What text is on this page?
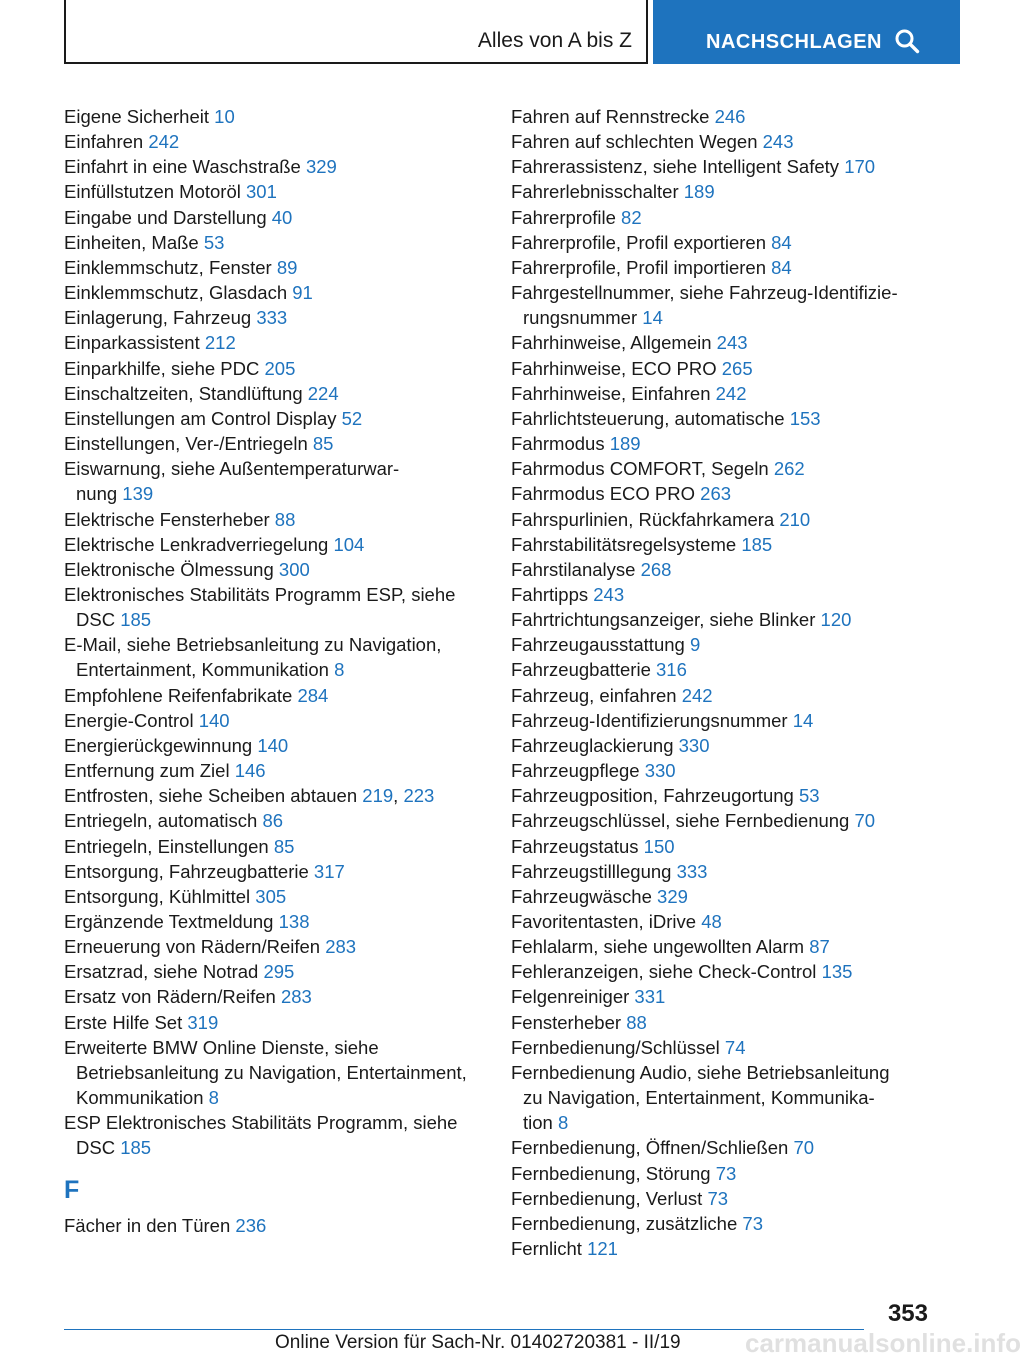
Alles von A bis Z	NACHSCHLAGEN
Eigene Sicherheit 10
Einfahren 242
Einfahrt in eine Waschstraße 329
Einfüllstutzen Motoröl 301
Eingabe und Darstellung 40
Einheiten, Maße 53
Einklemmschutz, Fenster 89
Einklemmschutz, Glasdach 91
Einlagerung, Fahrzeug 333
Einparkassistent 212
Einparkhilfe, siehe PDC 205
Einschaltzeiten, Standlüftung 224
Einstellungen am Control Display 52
Einstellungen, Ver-/Entriegeln 85
Eiswarnung, siehe Außentemperaturwar-
nung 139
Elektrische Fensterheber 88
Elektrische Lenkradverriegelung 104
Elektronische Ölmessung 300
Elektronisches Stabilitäts Programm ESP, siehe
DSC 185
E-Mail, siehe Betriebsanleitung zu Navigation,
Entertainment, Kommunikation 8
Empfohlene Reifenfabrikate 284
Energie-Control 140
Energierückgewinnung 140
Entfernung zum Ziel 146
Entfrosten, siehe Scheiben abtauen 219, 223
Entriegeln, automatisch 86
Entriegeln, Einstellungen 85
Entsorgung, Fahrzeugbatterie 317
Entsorgung, Kühlmittel 305
Ergänzende Textmeldung 138
Erneuerung von Rädern/Reifen 283
Ersatzrad, siehe Notrad 295
Ersatz von Rädern/Reifen 283
Erste Hilfe Set 319
Erweiterte BMW Online Dienste, siehe
Betriebsanleitung zu Navigation, Entertainment,
Kommunikation 8
ESP Elektronisches Stabilitäts Programm, siehe
DSC 185
F
Fächer in den Türen 236
Fahren auf Rennstrecke 246
Fahren auf schlechten Wegen 243
Fahrerassistenz, siehe Intelligent Safety 170
Fahrerlebnisschalter 189
Fahrerprofile 82
Fahrerprofile, Profil exportieren 84
Fahrerprofile, Profil importieren 84
Fahrgestellnummer, siehe Fahrzeug-Identifizie-
rungsnummer 14
Fahrhinweise, Allgemein 243
Fahrhinweise, ECO PRO 265
Fahrhinweise, Einfahren 242
Fahrlichtsteuerung, automatische 153
Fahrmodus 189
Fahrmodus COMFORT, Segeln 262
Fahrmodus ECO PRO 263
Fahrspurlinien, Rückfahrkamera 210
Fahrstabilitätsregelsysteme 185
Fahrstilanalyse 268
Fahrtipps 243
Fahrtrichtungsanzeiger, siehe Blinker 120
Fahrzeugausstattung 9
Fahrzeugbatterie 316
Fahrzeug, einfahren 242
Fahrzeug-Identifizierungsnummer 14
Fahrzeuglackierung 330
Fahrzeugpflege 330
Fahrzeugposition, Fahrzeugortung 53
Fahrzeugschlüssel, siehe Fernbedienung 70
Fahrzeugstatus 150
Fahrzeugstilllegung 333
Fahrzeugwäsche 329
Favoritentasten, iDrive 48
Fehlalarm, siehe ungewollten Alarm 87
Fehleranzeigen, siehe Check-Control 135
Felgenreiniger 331
Fensterheber 88
Fernbedienung/Schlüssel 74
Fernbedienung Audio, siehe Betriebsanleitung
zu Navigation, Entertainment, Kommunika-
tion 8
Fernbedienung, Öffnen/Schließen 70
Fernbedienung, Störung 73
Fernbedienung, Verlust 73
Fernbedienung, zusätzliche 73
Fernlicht 121
353
Online Version für Sach-Nr. 01402720381 - II/19 carmanualsonline.info
